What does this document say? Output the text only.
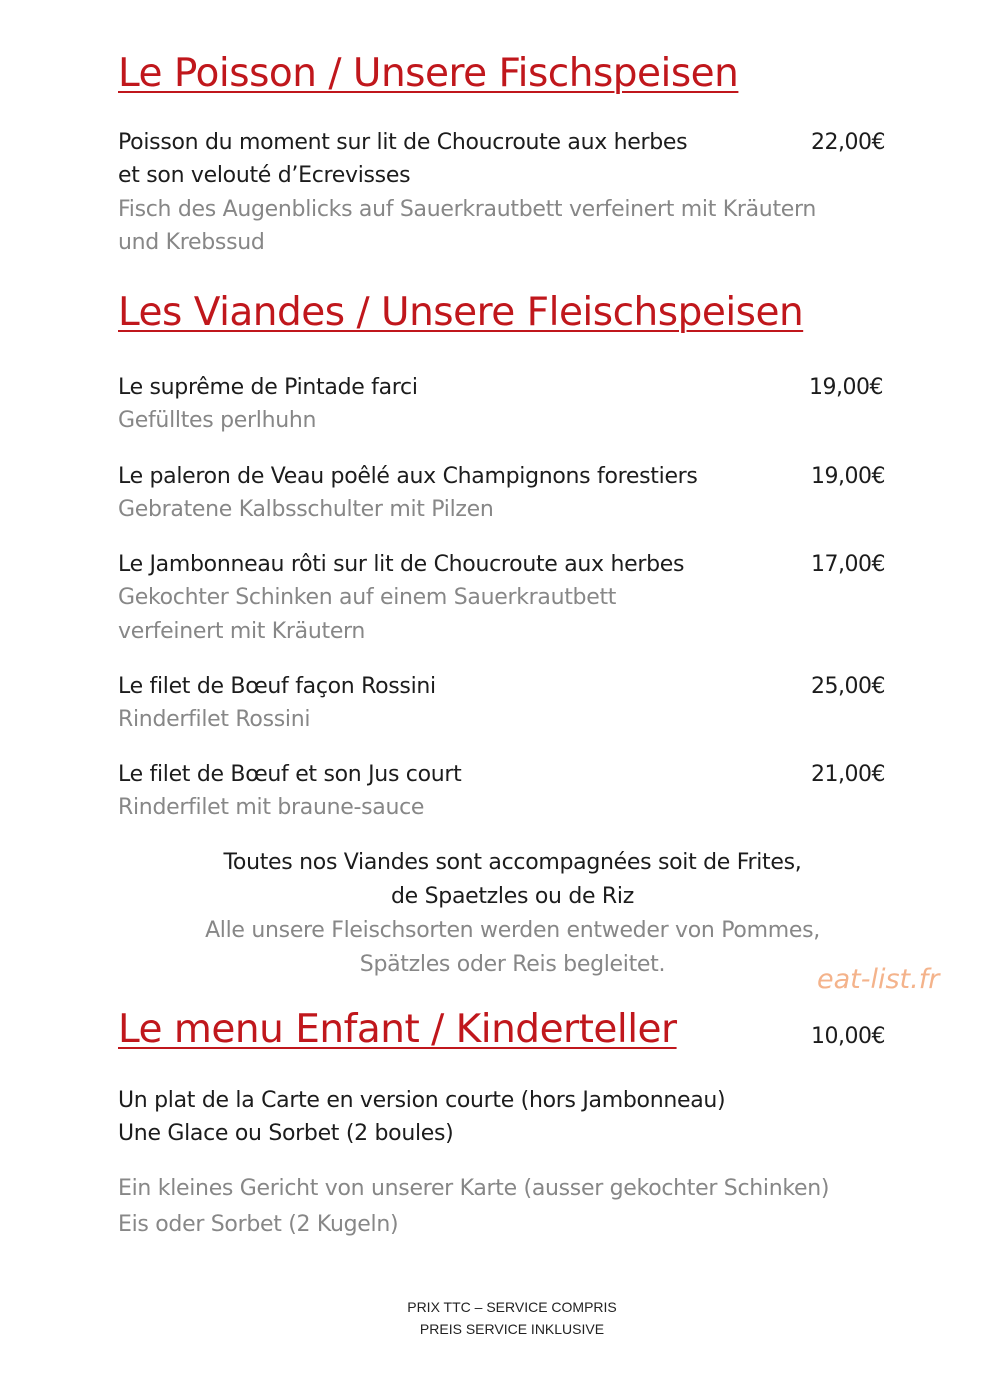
Le Poisson / Unsere Fischspeisen

Poisson du moment sur lit de Choucroute aux herbes

et son velouté d’Ecrevisses

Fisch des Augenblicks auf Sauerkrautbett verfeinert mit Kräutern

und Krebssud

22,00€

Les Viandes / Unsere Fleischspeisen

Le suprême de Pintade farci

Gefülltes perlhuhn

19,00€

Le paleron de Veau poêlé aux Champignons forestiers

Gebratene Kalbsschulter mit Pilzen

19,00€

Le Jambonneau rôti sur lit de Choucroute aux herbes

Gekochter Schinken auf einem Sauerkrautbett

verfeinert mit Kräutern

17,00€

Le filet de Bœuf façon Rossini

Rinderfilet Rossini

25,00€

Le filet de Bœuf et son Jus court

Rinderfilet mit braune-sauce

21,00€

Toutes nos Viandes sont accompagnées soit de Frites,

de Spaetzles ou de Riz

Alle unsere Fleischsorten werden entweder von Pommes,

Spätzles oder Reis begleitet.	eat-list.fr

Le menu Enfant / Kinderteller	10,00€

Un plat de la Carte en version courte (hors Jambonneau)

Une Glace ou Sorbet (2 boules)

Ein kleines Gericht von unserer Karte (ausser gekochter Schinken)

Eis oder Sorbet (2 Kugeln)

PRIX TTC – SERVICE COMPRIS

PREIS SERVICE INKLUSIVE
